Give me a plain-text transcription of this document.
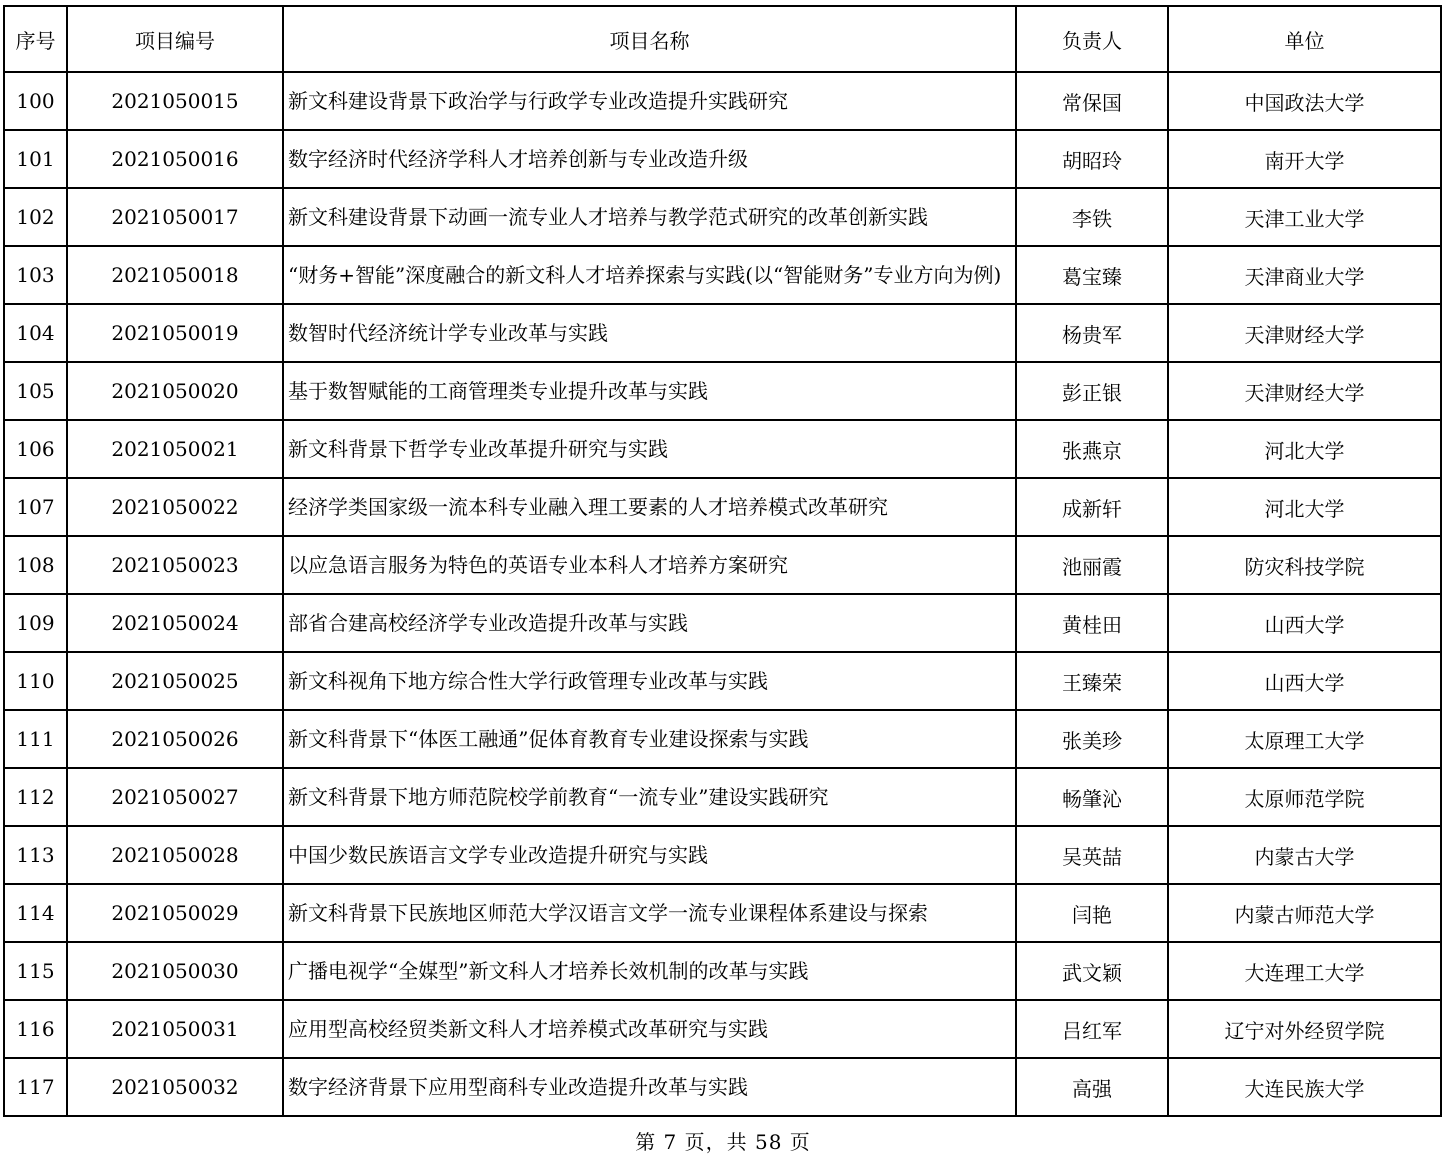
序号	项目编号	项目名称	负责人	单位
100	2021050015	新文科建设背景下政治学与行政学专业改造提升实践研究	常保国	中国政法大学
101	2021050016	数字经济时代经济学科人才培养创新与专业改造升级	胡昭玲	南开大学
102	2021050017	新文科建设背景下动画一流专业人才培养与教学范式研究的改革创新实践	李铁	天津工业大学
103	2021050018	“财务+智能”深度融合的新文科人才培养探索与实践(以“智能财务”专业方向为例)	葛宝臻	天津商业大学
104	2021050019	数智时代经济统计学专业改革与实践	杨贵军	天津财经大学
105	2021050020	基于数智赋能的工商管理类专业提升改革与实践	彭正银	天津财经大学
106	2021050021	新文科背景下哲学专业改革提升研究与实践	张燕京	河北大学
107	2021050022	经济学类国家级一流本科专业融入理工要素的人才培养模式改革研究	成新轩	河北大学
108	2021050023	以应急语言服务为特色的英语专业本科人才培养方案研究	池丽霞	防灾科技学院
109	2021050024	部省合建高校经济学专业改造提升改革与实践	黄桂田	山西大学
110	2021050025	新文科视角下地方综合性大学行政管理专业改革与实践	王臻荣	山西大学
111	2021050026	新文科背景下“体医工融通”促体育教育专业建设探索与实践	张美珍	太原理工大学
112	2021050027	新文科背景下地方师范院校学前教育“一流专业”建设实践研究	畅肇沁	太原师范学院
113	2021050028	中国少数民族语言文学专业改造提升研究与实践	吴英喆	内蒙古大学
114	2021050029	新文科背景下民族地区师范大学汉语言文学一流专业课程体系建设与探索	闫艳	内蒙古师范大学
115	2021050030	广播电视学“全媒型”新文科人才培养长效机制的改革与实践	武文颖	大连理工大学
116	2021050031	应用型高校经贸类新文科人才培养模式改革研究与实践	吕红军	辽宁对外经贸学院
117	2021050032	数字经济背景下应用型商科专业改造提升改革与实践	高强	大连民族大学
第 7 页，共 58 页
